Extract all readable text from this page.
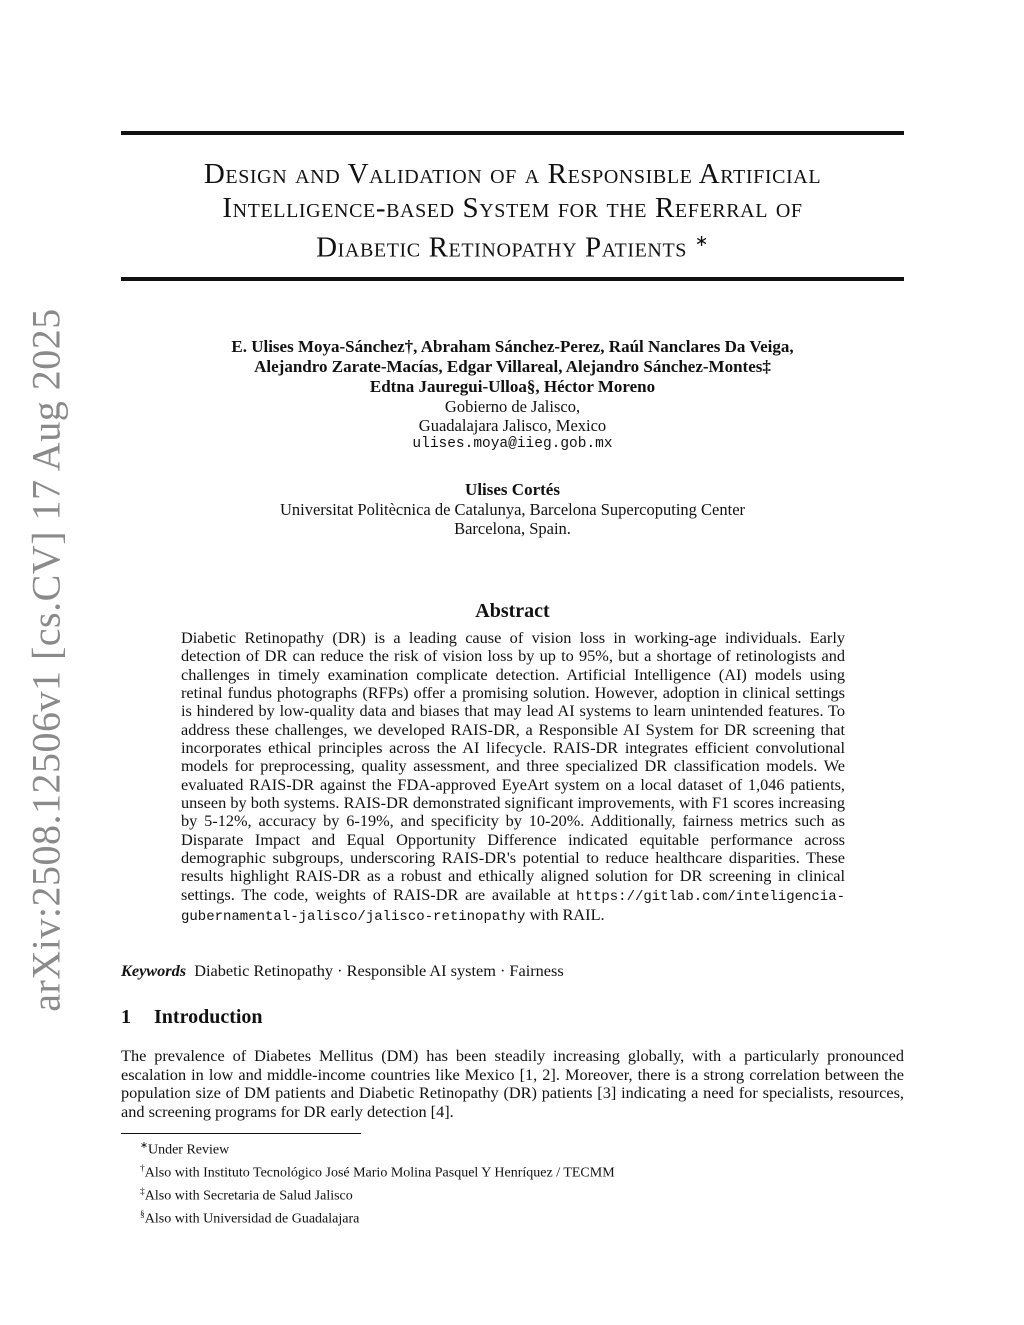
arXiv:2508.12506v1 [cs.CV] 17 Aug 2025
Design and Validation of a Responsible Artificial
Intelligence-based System for the Referral of
Diabetic Retinopathy Patients ∗
E. Ulises Moya-Sánchez†, Abraham Sánchez-Perez, Raúl Nanclares Da Veiga,
Alejandro Zarate-Macías, Edgar Villareal, Alejandro Sánchez-Montes‡
Edtna Jauregui-Ulloa§, Héctor Moreno
Gobierno de Jalisco,
Guadalajara Jalisco, Mexico
ulises.moya@iieg.gob.mx
Ulises Cortés
Universitat Politècnica de Catalunya, Barcelona Supercoputing Center
Barcelona, Spain.
Abstract
Diabetic Retinopathy (DR) is a leading cause of vision loss in working-age individuals. Early detection of DR can reduce the risk of vision loss by up to 95%, but a shortage of retinologists and challenges in timely examination complicate detection. Artificial Intelligence (AI) models using retinal fundus photographs (RFPs) offer a promising solution. However, adoption in clinical settings is hindered by low-quality data and biases that may lead AI systems to learn unintended features. To address these challenges, we developed RAIS-DR, a Responsible AI System for DR screening that incorporates ethical principles across the AI lifecycle. RAIS-DR integrates efficient convolutional models for preprocessing, quality assessment, and three specialized DR classification models. We evaluated RAIS-DR against the FDA-approved EyeArt system on a local dataset of 1,046 patients, unseen by both systems. RAIS-DR demonstrated significant improvements, with F1 scores increasing by 5-12%, accuracy by 6-19%, and specificity by 10-20%. Additionally, fairness metrics such as Disparate Impact and Equal Opportunity Difference indicated equitable performance across demographic subgroups, underscoring RAIS-DR's potential to reduce healthcare disparities. These results highlight RAIS-DR as a robust and ethically aligned solution for DR screening in clinical settings. The code, weights of RAIS-DR are available at https://gitlab.com/inteligencia-gubernamental-jalisco/jalisco-retinopathy with RAIL.
Keywords Diabetic Retinopathy · Responsible AI system · Fairness
1 Introduction
The prevalence of Diabetes Mellitus (DM) has been steadily increasing globally, with a particularly pronounced escalation in low and middle-income countries like Mexico [1, 2]. Moreover, there is a strong correlation between the population size of DM patients and Diabetic Retinopathy (DR) patients [3] indicating a need for specialists, resources, and screening programs for DR early detection [4].
∗Under Review
†Also with Instituto Tecnológico José Mario Molina Pasquel Y Henríquez / TECMM
‡Also with Secretaria de Salud Jalisco
§Also with Universidad de Guadalajara
